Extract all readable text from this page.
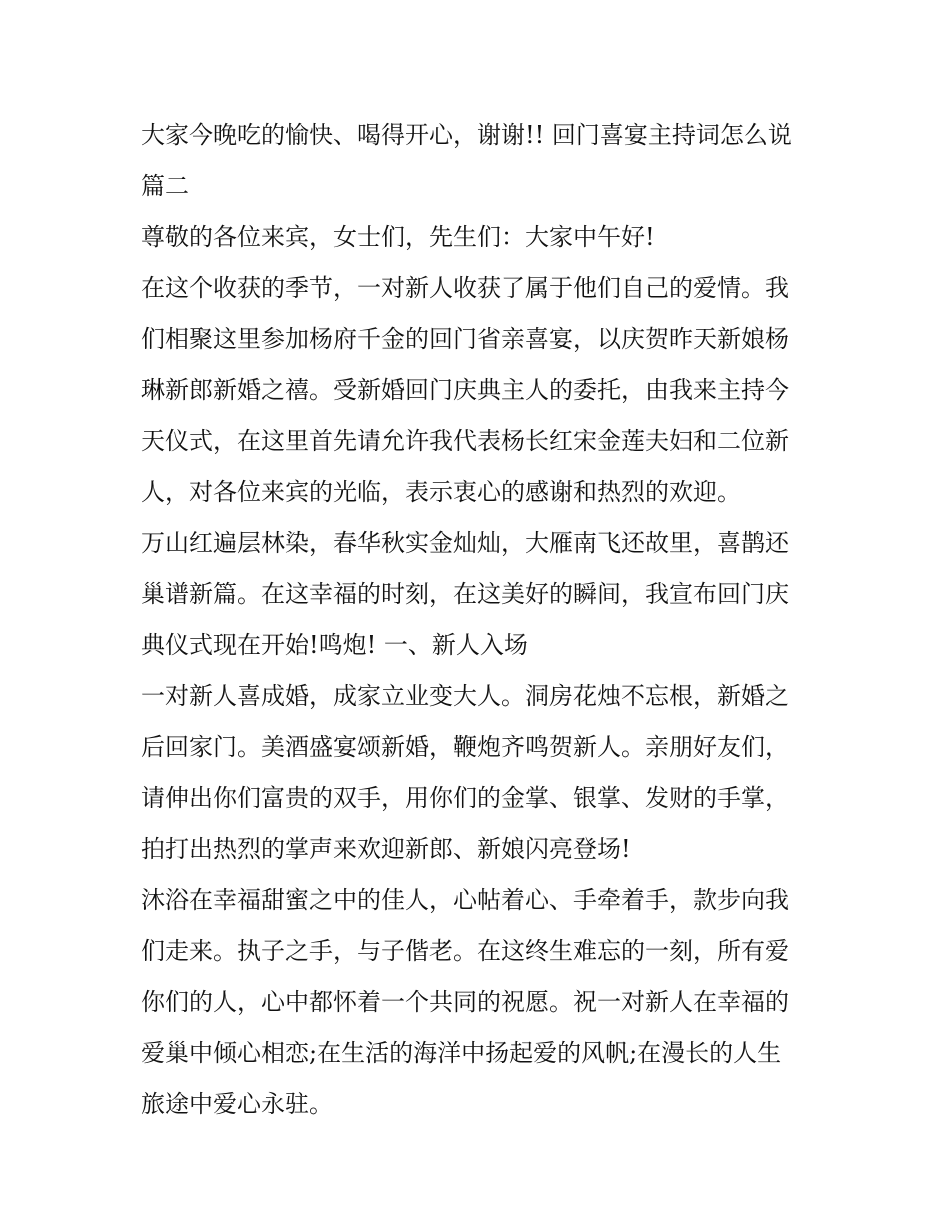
大家今晚吃的愉快、喝得开心，谢谢!! 回门喜宴主持词怎么说
篇二
尊敬的各位来宾，女士们，先生们：大家中午好!
在这个收获的季节，一对新人收获了属于他们自己的爱情。我
们相聚这里参加杨府千金的回门省亲喜宴，以庆贺昨天新娘杨
琳新郎新婚之禧。受新婚回门庆典主人的委托，由我来主持今
天仪式，在这里首先请允许我代表杨长红宋金莲夫妇和二位新
人，对各位来宾的光临，表示衷心的感谢和热烈的欢迎。
万山红遍层林染，春华秋实金灿灿，大雁南飞还故里，喜鹊还
巢谱新篇。在这幸福的时刻，在这美好的瞬间，我宣布回门庆
典仪式现在开始!鸣炮! 一、新人入场
一对新人喜成婚，成家立业变大人。洞房花烛不忘根，新婚之
后回家门。美酒盛宴颂新婚，鞭炮齐鸣贺新人。亲朋好友们，
请伸出你们富贵的双手，用你们的金掌、银掌、发财的手掌，
拍打出热烈的掌声来欢迎新郎、新娘闪亮登场!
沐浴在幸福甜蜜之中的佳人，心帖着心、手牵着手，款步向我
们走来。执子之手，与子偕老。在这终生难忘的一刻，所有爱
你们的人，心中都怀着一个共同的祝愿。祝一对新人在幸福的
爱巢中倾心相恋;在生活的海洋中扬起爱的风帆;在漫长的人生
旅途中爱心永驻。
